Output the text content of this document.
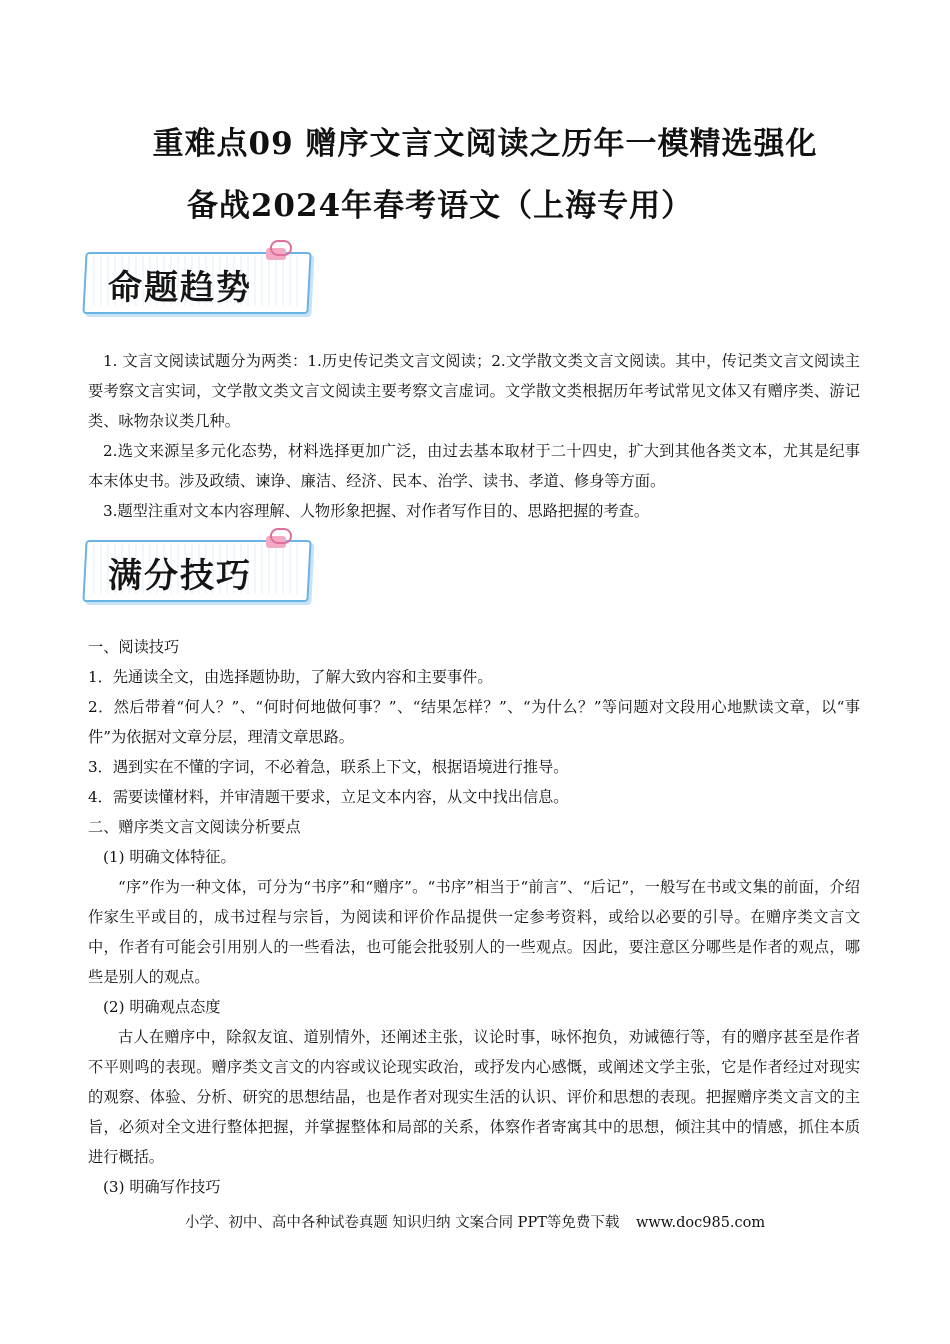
重难点09 赠序文言文阅读之历年一模精选强化
备战2024年春考语文（上海专用）
命题趋势

1. 文言文阅读试题分为两类：1.历史传记类文言文阅读；2.文学散文类文言文阅读。其中，传记类文言文阅读主要考察文言实词，文学散文类文言文阅读主要考察文言虚词。文学散文类根据历年考试常见文体又有赠序类、游记类、咏物杂议类几种。

2.选文来源呈多元化态势，材料选择更加广泛，由过去基本取材于二十四史，扩大到其他各类文本，尤其是纪事本末体史书。涉及政绩、谏诤、廉洁、经济、民本、治学、读书、孝道、修身等方面。

3.题型注重对文本内容理解、人物形象把握、对作者写作目的、思路把握的考查。

满分技巧

一、阅读技巧

1．先通读全文，由选择题协助，了解大致内容和主要事件。

2．然后带着“何人？”、“何时何地做何事？”、“结果怎样？”、“为什么？”等问题对文段用心地默读文章，以“事件”为依据对文章分层，理清文章思路。

3．遇到实在不懂的字词，不必着急，联系上下文，根据语境进行推导。

4．需要读懂材料，并审清题干要求，立足文本内容，从文中找出信息。

二、赠序类文言文阅读分析要点

(1) 明确文体特征。

“序”作为一种文体，可分为“书序”和“赠序”。“书序”相当于“前言”、“后记”，一般写在书或文集的前面，介绍作家生平或目的，成书过程与宗旨，为阅读和评价作品提供一定参考资料，或给以必要的引导。在赠序类文言文中，作者有可能会引用别人的一些看法，也可能会批驳别人的一些观点。因此，要注意区分哪些是作者的观点，哪些是别人的观点。

(2) 明确观点态度

古人在赠序中，除叙友谊、道别情外，还阐述主张，议论时事，咏怀抱负，劝诫德行等，有的赠序甚至是作者不平则鸣的表现。赠序类文言文的内容或议论现实政治，或抒发内心感慨，或阐述文学主张，它是作者经过对现实的观察、体验、分析、研究的思想结晶，也是作者对现实生活的认识、评价和思想的表现。把握赠序类文言文的主旨，必须对全文进行整体把握，并掌握整体和局部的关系，体察作者寄寓其中的思想，倾注其中的情感，抓住本质进行概括。

(3) 明确写作技巧

小学、初中、高中各种试卷真题 知识归纳 文案合同 PPT等免费下载 www.doc985.com
